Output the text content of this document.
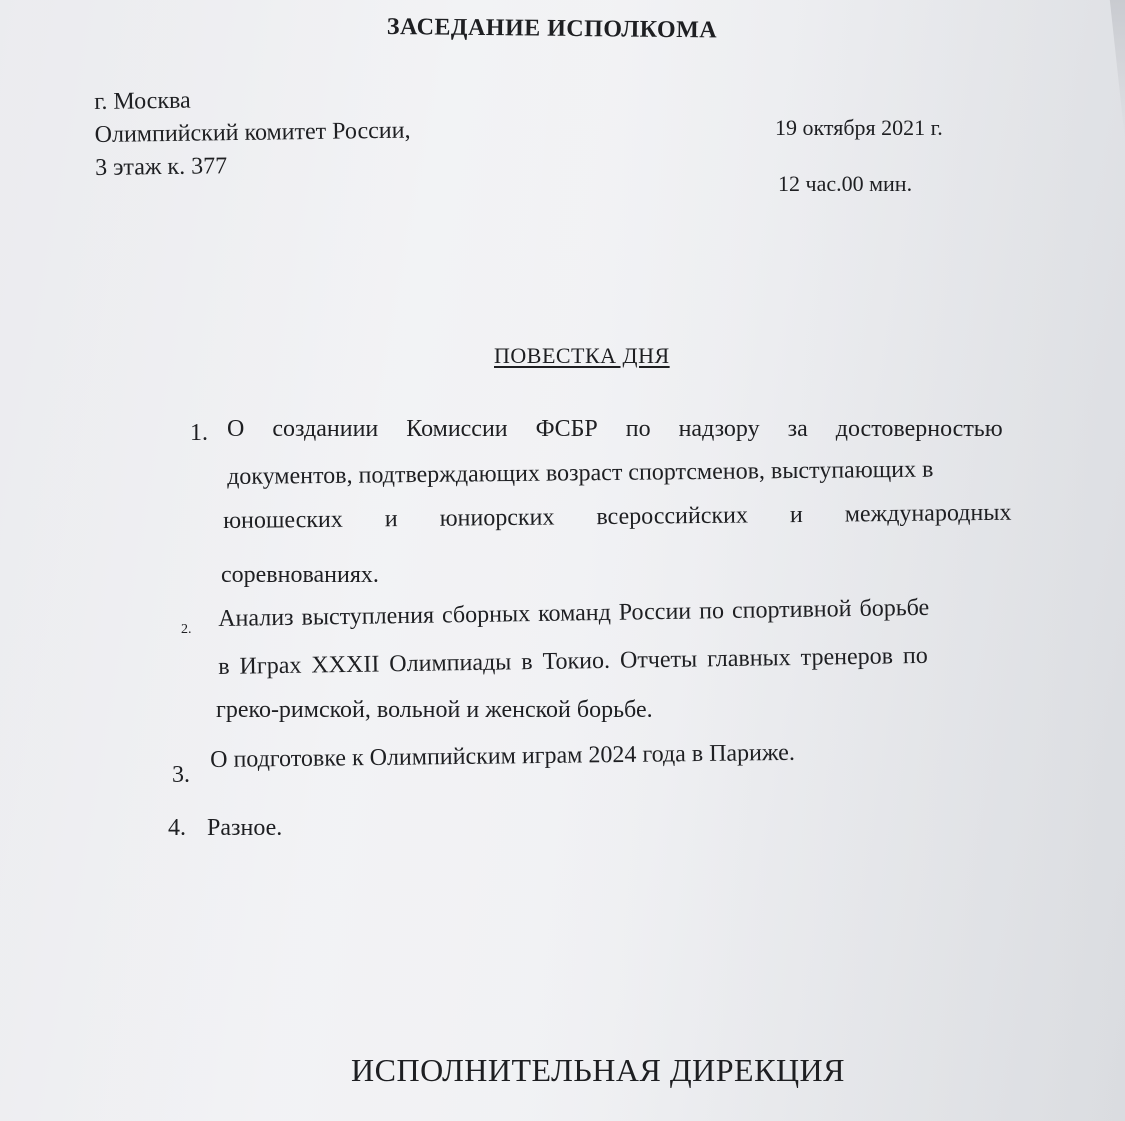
ЗАСЕДАНИЕ ИСПОЛКОМА
г. Москва
Олимпийский комитет России,
3 этаж к. 377
19 октября 2021 г.
12 час.00 мин.
ПОВЕСТКА ДНЯ
1. О созданиии Комиссии ФСБР по надзору за достоверностью
документов, подтверждающих возраст спортсменов, выступающих в
юношеских и юниорских всероссийских и международных
соревнованиях.
2. Анализ выступления сборных команд России по спортивной борьбе
в Играх XXXII Олимпиады в Токио. Отчеты главных тренеров по
греко-римской, вольной и женской борьбе.
3.
О подготовке к Олимпийским играм 2024 года в Париже.
4. Разное.
ИСПОЛНИТЕЛЬНАЯ ДИРЕКЦИЯ
